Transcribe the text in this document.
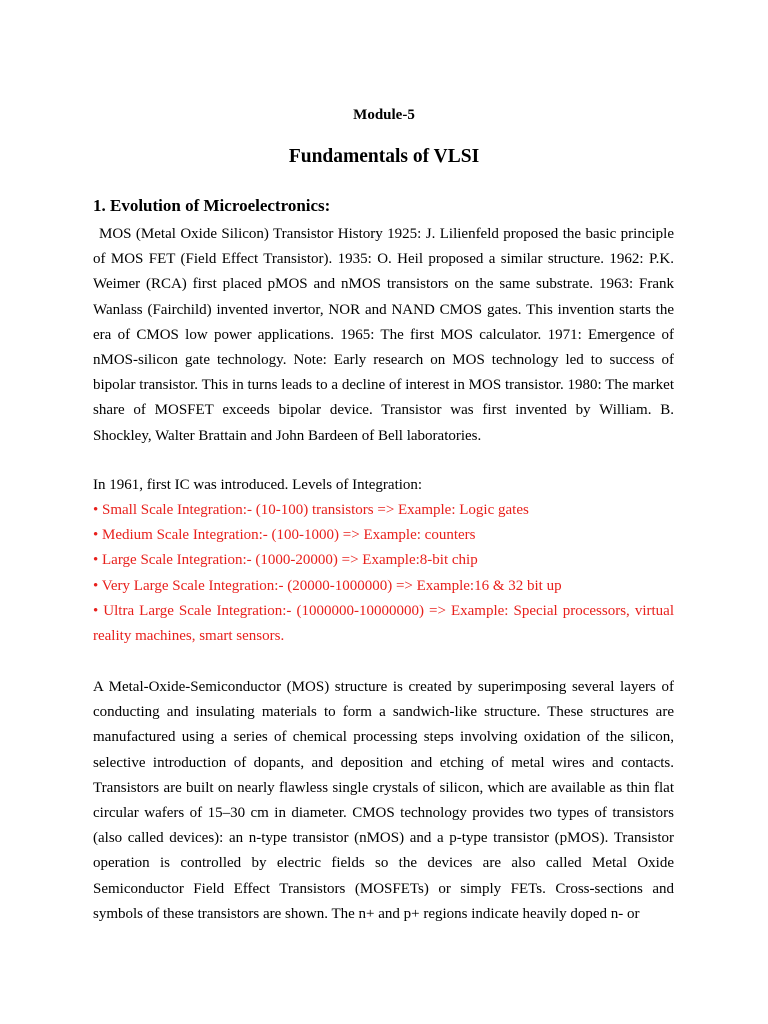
Module-5
Fundamentals of VLSI
1. Evolution of Microelectronics:
MOS (Metal Oxide Silicon) Transistor History 1925: J. Lilienfeld proposed the basic principle of MOS FET (Field Effect Transistor). 1935: O. Heil proposed a similar structure. 1962: P.K. Weimer (RCA) first placed pMOS and nMOS transistors on the same substrate. 1963: Frank Wanlass (Fairchild) invented invertor, NOR and NAND CMOS gates. This invention starts the era of CMOS low power applications. 1965: The first MOS calculator. 1971: Emergence of nMOS-silicon gate technology. Note: Early research on MOS technology led to success of bipolar transistor. This in turns leads to a decline of interest in MOS transistor. 1980: The market share of MOSFET exceeds bipolar device. Transistor was first invented by William. B. Shockley, Walter Brattain and John Bardeen of Bell laboratories.
In 1961, first IC was introduced. Levels of Integration:
• Small Scale Integration:- (10-100) transistors => Example: Logic gates
• Medium Scale Integration:- (100-1000) => Example: counters
• Large Scale Integration:- (1000-20000) => Example:8-bit chip
• Very Large Scale Integration:- (20000-1000000) => Example:16 & 32 bit up
• Ultra Large Scale Integration:- (1000000-10000000) => Example: Special processors, virtual reality machines, smart sensors.
A Metal-Oxide-Semiconductor (MOS) structure is created by superimposing several layers of conducting and insulating materials to form a sandwich-like structure. These structures are manufactured using a series of chemical processing steps involving oxidation of the silicon, selective introduction of dopants, and deposition and etching of metal wires and contacts. Transistors are built on nearly flawless single crystals of silicon, which are available as thin flat circular wafers of 15–30 cm in diameter. CMOS technology provides two types of transistors (also called devices): an n-type transistor (nMOS) and a p-type transistor (pMOS). Transistor operation is controlled by electric fields so the devices are also called Metal Oxide Semiconductor Field Effect Transistors (MOSFETs) or simply FETs. Cross-sections and symbols of these transistors are shown. The n+ and p+ regions indicate heavily doped n- or
